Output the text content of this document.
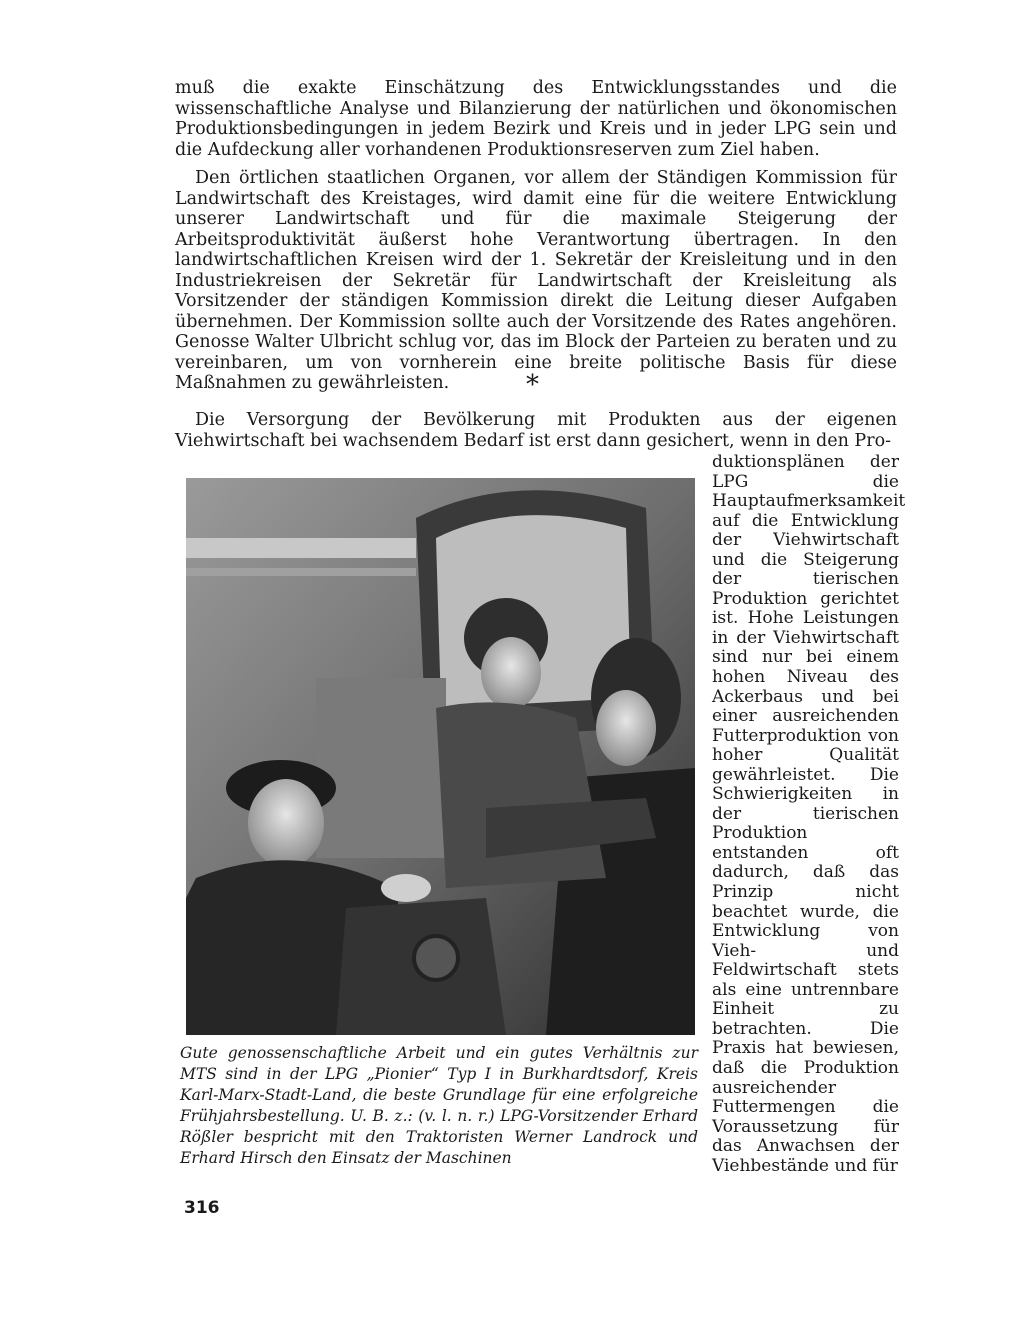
muß die exakte Einschätzung des Entwicklungsstandes und die wissenschaftliche Analyse und Bilanzierung der natürlichen und ökonomischen Produktionsbedingungen in jedem Bezirk und Kreis und in jeder LPG sein und die Aufdeckung aller vorhandenen Produktionsreserven zum Ziel haben.

Den örtlichen staatlichen Organen, vor allem der Ständigen Kommission für Landwirtschaft des Kreistages, wird damit eine für die weitere Entwicklung unserer Landwirtschaft und für die maximale Steigerung der Arbeitsproduktivität äußerst hohe Verantwortung übertragen. In den landwirtschaftlichen Kreisen wird der 1. Sekretär der Kreisleitung und in den Industriekreisen der Sekretär für Landwirtschaft der Kreisleitung als Vorsitzender der ständigen Kommission direkt die Leitung dieser Aufgaben übernehmen. Der Kommission sollte auch der Vorsitzende des Rates angehören. Genosse Walter Ulbricht schlug vor, das im Block der Parteien zu beraten und zu vereinbaren, um von vornherein eine breite politische Basis für diese Maßnahmen zu gewährleisten.	*

Die Versorgung der Bevölkerung mit Produkten aus der eigenen Viehwirtschaft bei wachsendem Bedarf ist erst dann gesichert, wenn in den Pro-

Gute genossenschaftliche Arbeit und ein gutes Verhältnis zur MTS sind in der LPG „Pionier“ Typ I in Burkhardtsdorf, Kreis Karl-Marx-Stadt-Land, die beste Grundlage für eine erfolgreiche Frühjahrsbestellung. U. B. z.: (v. l. n. r.) LPG-Vorsitzender Erhard Rößler bespricht mit den Traktoristen Werner Landrock und Erhard Hirsch den Einsatz der Maschinen

duktionsplänen der LPG die Hauptaufmerksamkeit auf die Entwicklung der Viehwirtschaft und die Steigerung der tierischen Produktion gerichtet ist. Hohe Leistungen in der Viehwirtschaft sind nur bei einem hohen Niveau des Ackerbaus und bei einer ausreichenden Futterproduktion von hoher Qualität gewährleistet. Die Schwierigkeiten in der tierischen Produktion entstanden oft dadurch, daß das Prinzip nicht beachtet wurde, die Entwicklung von Vieh- und Feldwirtschaft stets als eine untrennbare Einheit zu betrachten. Die Praxis hat bewiesen, daß die Produktion ausreichender Futtermengen die Voraussetzung für das Anwachsen der Viehbestände und für

316
